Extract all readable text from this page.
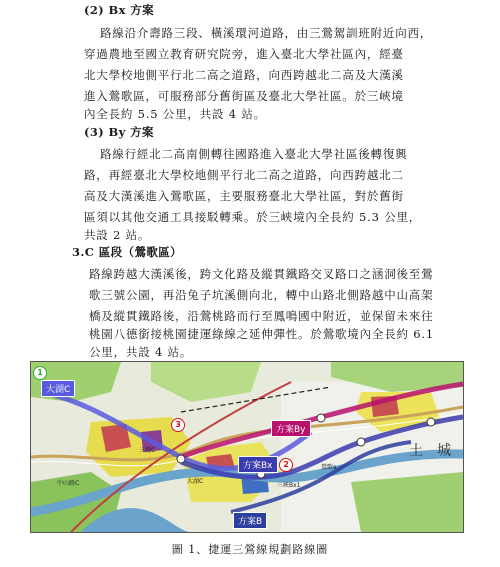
(2) Bx 方案
路線沿介壽路三段、橫溪環河道路，由三鶯駕訓班附近向西，
穿過農地至國立教育研究院旁，進入臺北大學社區內，經臺
北大學校地側平行北二高之道路，向西跨越北二高及大漢溪
進入鶯歌區，可服務部分舊街區及臺北大學社區。於三峽境
內全長約 5.5 公里，共設 4 站。
(3) By 方案
路線行經北二高南側轉往國路進入臺北大學社區後轉復興
路，再經臺北大學校地側平行北二高之道路，向西跨越北二
高及大漢溪進入鶯歌區，主要服務臺北大學社區，對於舊街
區須以其他交通工具接駁轉乘。於三峽境內全長約 5.3 公里，
共設 2 站。
3.C 區段（鶯歌區）
路線跨越大漢溪後，跨文化路及縱貫鐵路交叉路口之涵洞後至鶯
歌三號公園，再沿兔子坑溪側向北，轉中山路北側路越中山高架
橋及縱貫鐵路後，沿鶯桃路而行至鳳鳴國中附近，並保留未來往
桃園八德銜接桃園捷運綠線之延伸彈性。於鶯歌境內全長約 6.1
公里，共設 4 站。
大湖C
方案By
方案Bx
方案B
3
2
1
土 城
三鶯C
中山路C	大湖C
鶯歌a
三峽Bx1
圖 1、捷運三鶯線規劃路線圖
